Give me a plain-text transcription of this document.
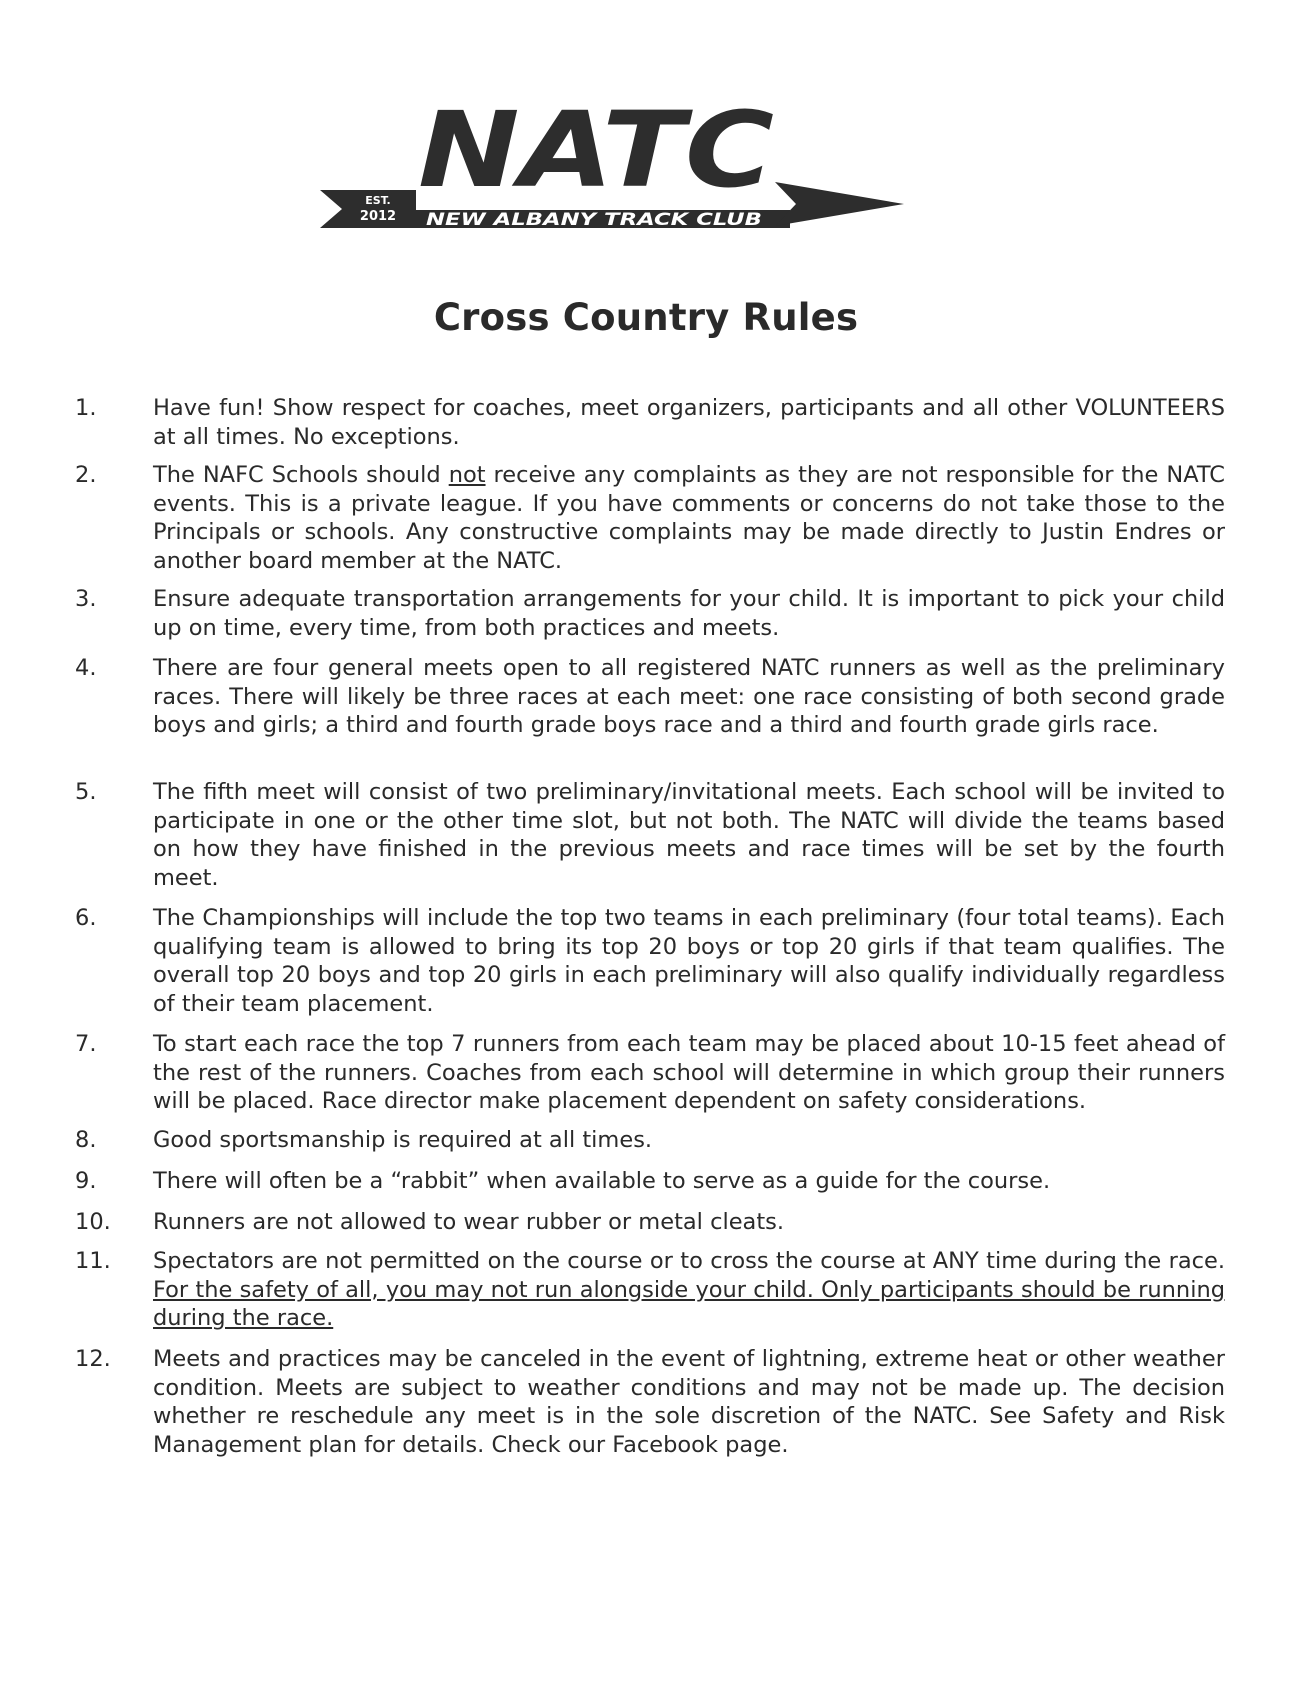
NATC
EST.
2012 NEW ALBANY TRACK CLUB
Cross Country Rules
1.	Have fun! Show respect for coaches, meet organizers, participants and all other VOLUNTEERS at all times. No exceptions.
2.	The NAFC Schools should not receive any complaints as they are not responsible for the NATC events. This is a private league. If you have comments or concerns do not take those to the Principals or schools. Any constructive complaints may be made directly to Justin Endres or another board member at the NATC.
3.	Ensure adequate transportation arrangements for your child. It is important to pick your child up on time, every time, from both practices and meets.
4.	There are four general meets open to all registered NATC runners as well as the preliminary races. There will likely be three races at each meet: one race consisting of both second grade boys and girls; a third and fourth grade boys race and a third and fourth grade girls race.
5.	The fifth meet will consist of two preliminary/invitational meets. Each school will be invited to participate in one or the other time slot, but not both. The NATC will divide the teams based on how they have finished in the previous meets and race times will be set by the fourth meet.
6.	The Championships will include the top two teams in each preliminary (four total teams). Each qualifying team is allowed to bring its top 20 boys or top 20 girls if that team qualifies. The overall top 20 boys and top 20 girls in each preliminary will also qualify individually regardless of their team placement.
7.	To start each race the top 7 runners from each team may be placed about 10-15 feet ahead of the rest of the runners. Coaches from each school will determine in which group their runners will be placed. Race director make placement dependent on safety considerations.
8.	Good sportsmanship is required at all times.
9.	There will often be a “rabbit” when available to serve as a guide for the course.
10. Runners are not allowed to wear rubber or metal cleats.
11. Spectators are not permitted on the course or to cross the course at ANY time during the race. For the safety of all, you may not run alongside your child. Only participants should be running during the race.
12. Meets and practices may be canceled in the event of lightning, extreme heat or other weather condition. Meets are subject to weather conditions and may not be made up. The decision whether re reschedule any meet is in the sole discretion of the NATC. See Safety and Risk Management plan for details. Check our Facebook page.
